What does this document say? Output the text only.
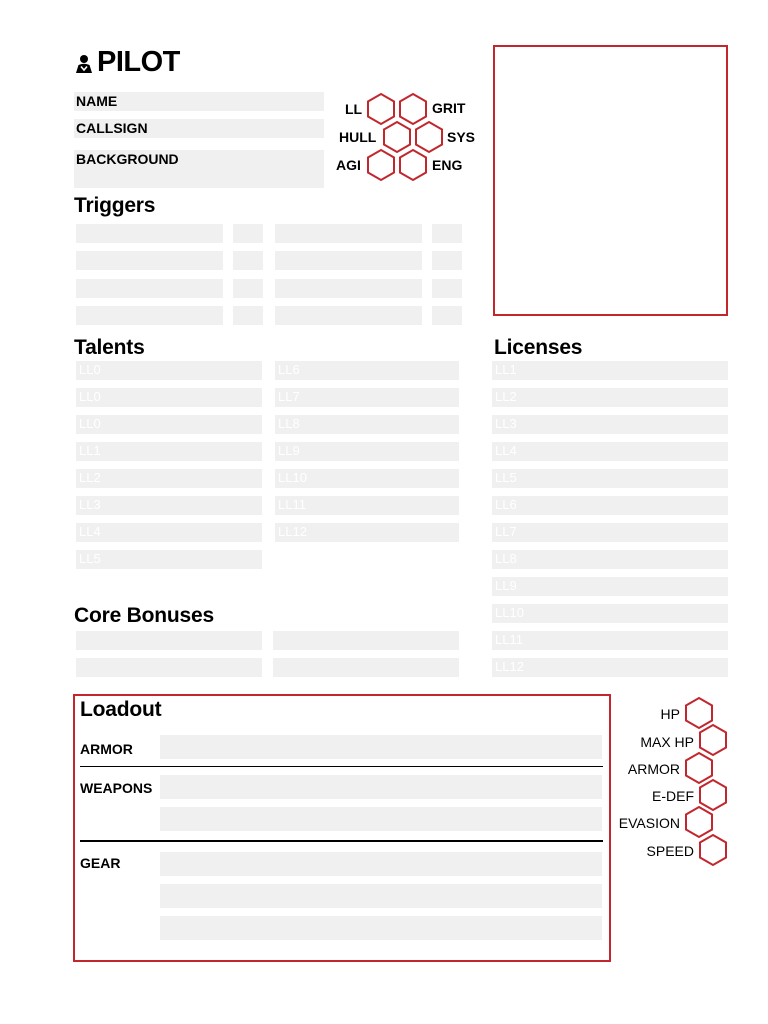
PILOT
NAME
CALLSIGN
BACKGROUND
LL	GRIT
HULL	SYS
AGI	ENG
Triggers
Talents
LL0
LL0
LL0
LL1
LL2
LL3
LL4
LL5
LL6
LL7
LL8
LL9
LL10
LL11
LL12
Licenses
LL1
LL2
LL3
LL4
LL5
LL6
LL7
LL8
LL9
LL10
LL11
LL12
Core Bonuses
Loadout
ARMOR
WEAPONS
GEAR
HP
MAX HP
ARMOR
E-DEF
EVASION
SPEED
